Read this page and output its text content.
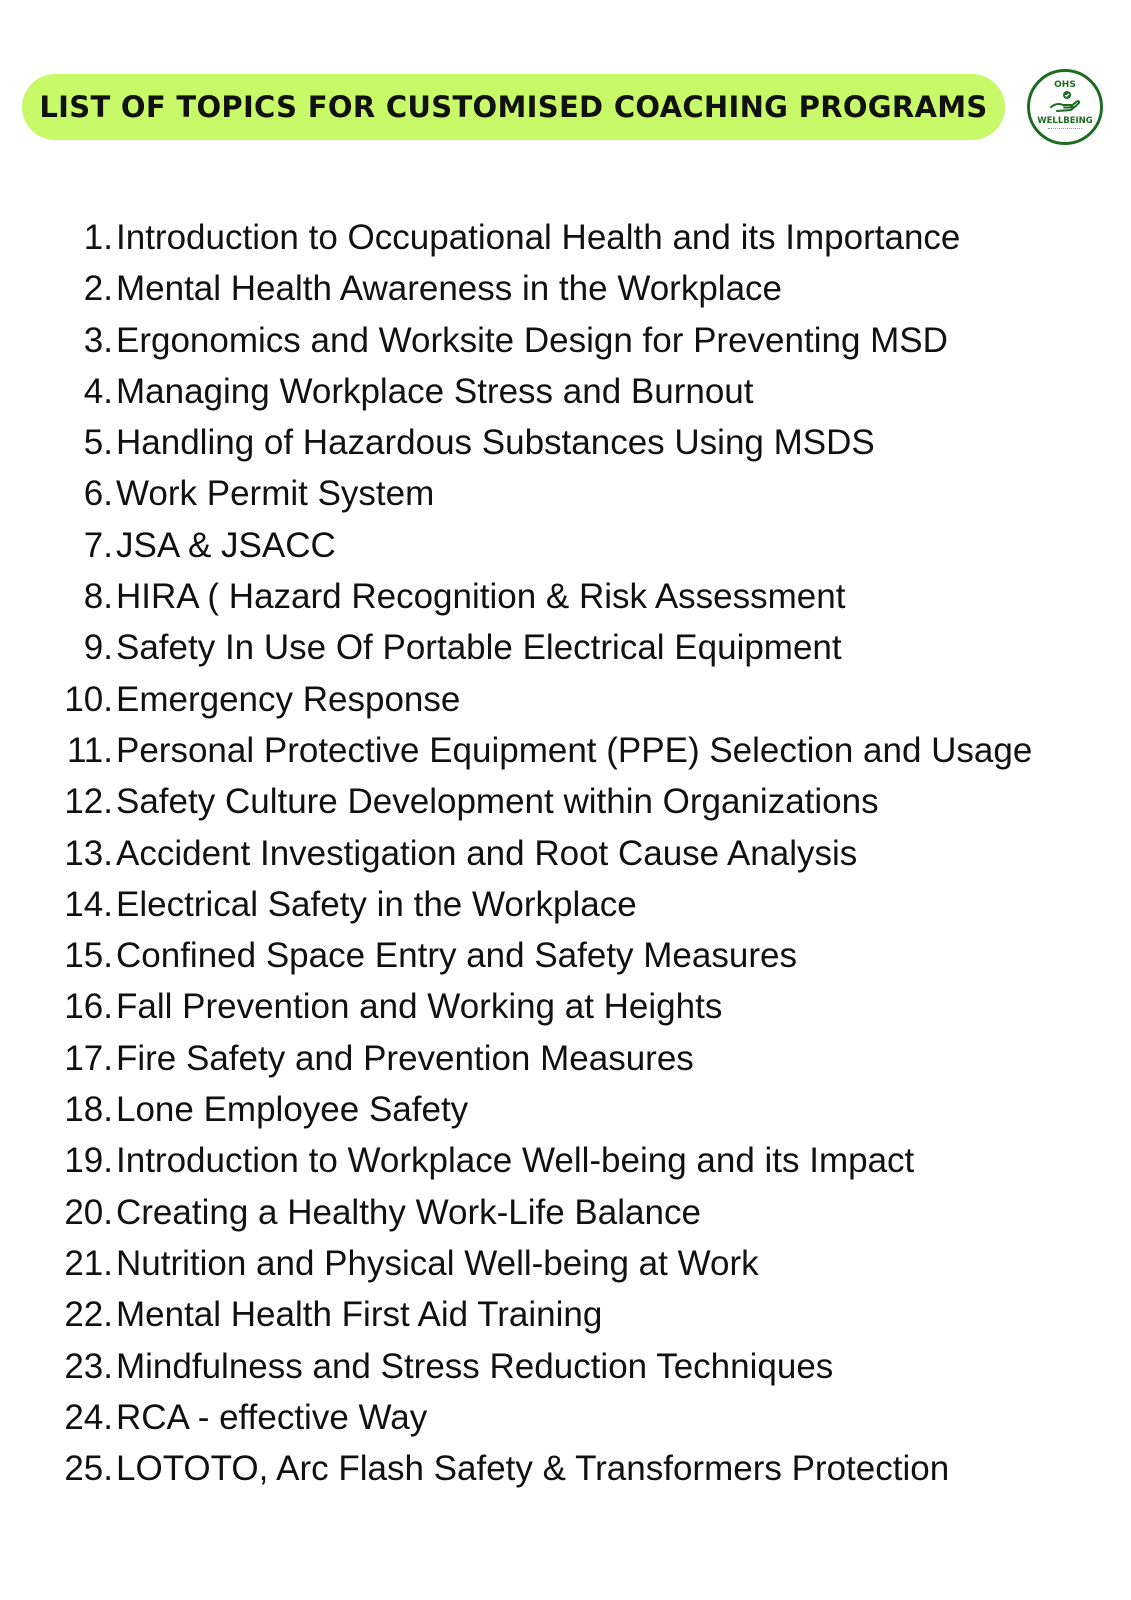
LIST OF TOPICS FOR CUSTOMISED COACHING PROGRAMS
OHS
WELLBEING
1. Introduction to Occupational Health and its Importance
2. Mental Health Awareness in the Workplace
3. Ergonomics and Worksite Design for Preventing MSD
4. Managing Workplace Stress and Burnout
5. Handling of Hazardous Substances Using MSDS
6. Work Permit System
7. JSA & JSACC
8. HIRA ( Hazard Recognition & Risk Assessment
9. Safety In Use Of Portable Electrical Equipment
10. Emergency Response
11. Personal Protective Equipment (PPE) Selection and Usage
12. Safety Culture Development within Organizations
13. Accident Investigation and Root Cause Analysis
14. Electrical Safety in the Workplace
15. Confined Space Entry and Safety Measures
16. Fall Prevention and Working at Heights
17. Fire Safety and Prevention Measures
18. Lone Employee Safety
19. Introduction to Workplace Well-being and its Impact
20. Creating a Healthy Work-Life Balance
21. Nutrition and Physical Well-being at Work
22. Mental Health First Aid Training
23. Mindfulness and Stress Reduction Techniques
24. RCA - effective Way
25. LOTOTO, Arc Flash Safety & Transformers Protection
